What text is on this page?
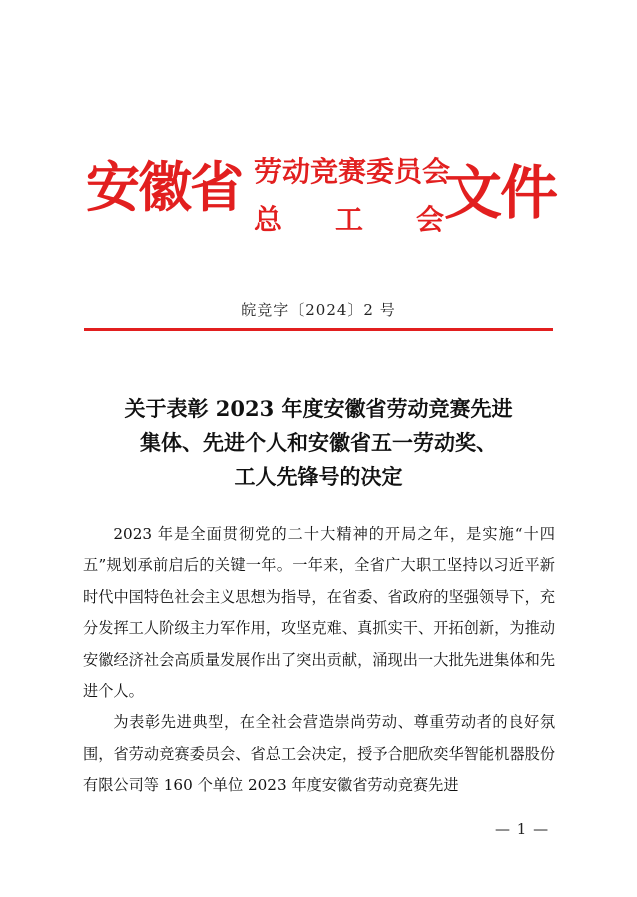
安徽省 劳动竞赛委员会
总 工 会 文件
皖竞字〔2024〕2 号
关于表彰 2023 年度安徽省劳动竞赛先进
集体、先进个人和安徽省五一劳动奖、
工人先锋号的决定

2023 年是全面贯彻党的二十大精神的开局之年，是实施“十四五”规划承前启后的关键一年。一年来，全省广大职工坚持以习近平新时代中国特色社会主义思想为指导，在省委、省政府的坚强领导下，充分发挥工人阶级主力军作用，攻坚克难、真抓实干、开拓创新，为推动安徽经济社会高质量发展作出了突出贡献，涌现出一大批先进集体和先进个人。

为表彰先进典型，在全社会营造崇尚劳动、尊重劳动者的良好氛围，省劳动竞赛委员会、省总工会决定，授予合肥欣奕华智能机器股份有限公司等 160 个单位 2023 年度安徽省劳动竞赛先进

— 1 —
